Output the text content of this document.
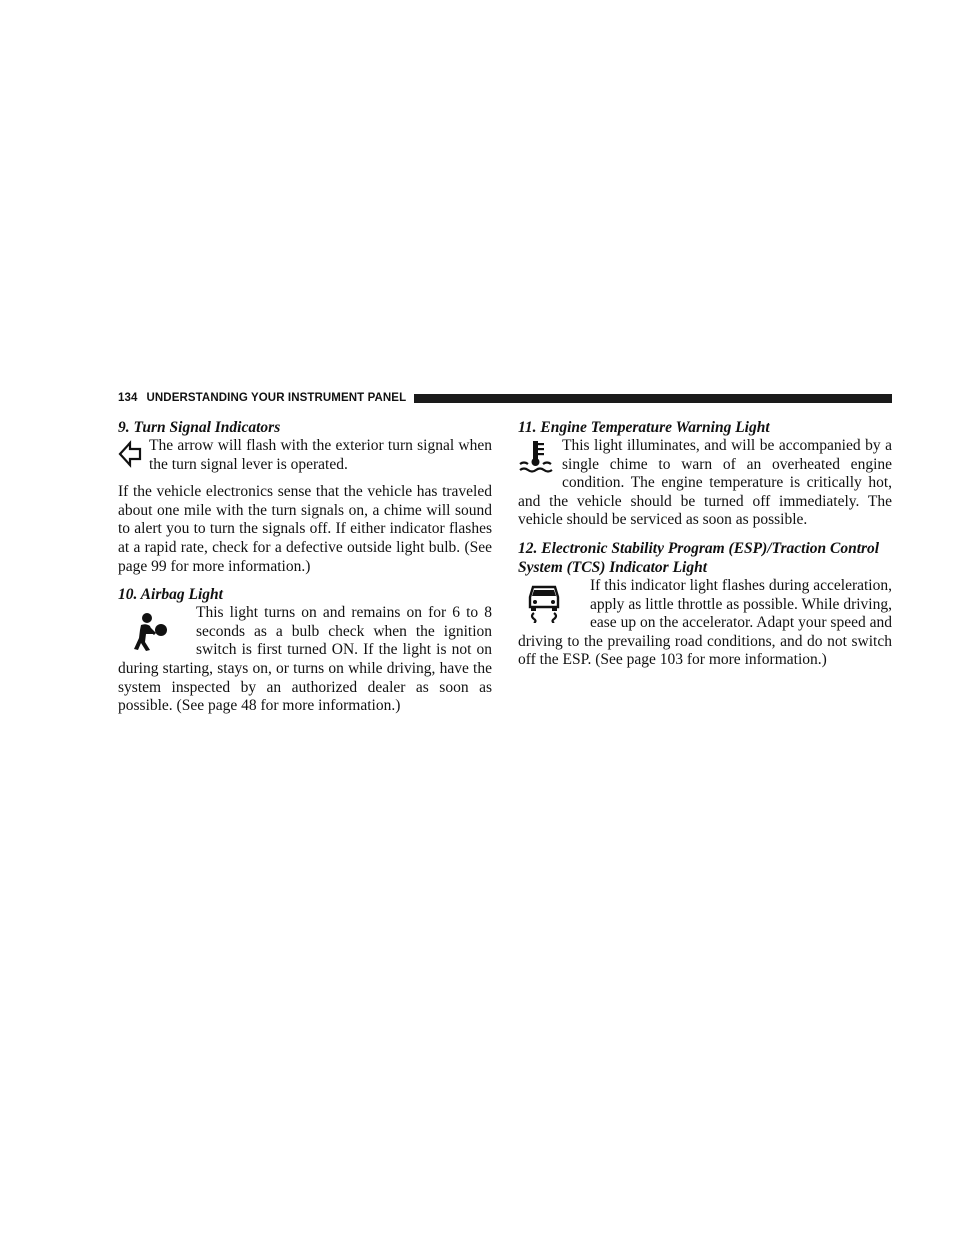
134 UNDERSTANDING YOUR INSTRUMENT PANEL
9. Turn Signal Indicators

The arrow will flash with the exterior turn signal when the turn signal lever is operated.

If the vehicle electronics sense that the vehicle has traveled about one mile with the turn signals on, a chime will sound to alert you to turn the signals off. If either indicator flashes at a rapid rate, check for a defective outside light bulb. (See page 99 for more information.)

10. Airbag Light

This light turns on and remains on for 6 to 8 seconds as a bulb check when the ignition switch is first turned ON. If the light is not on during starting, stays on, or turns on while driving, have the system inspected by an authorized dealer as soon as possible. (See page 48 for more information.)

11. Engine Temperature Warning Light

This light illuminates, and will be accompanied by a single chime to warn of an overheated engine condition. The engine temperature is critically hot, and the vehicle should be turned off immediately. The vehicle should be serviced as soon as possible.

12. Electronic Stability Program (ESP)/Traction Control System (TCS) Indicator Light

If this indicator light flashes during acceleration, apply as little throttle as possible. While driving, ease up on the accelerator. Adapt your speed and driving to the prevailing road conditions, and do not switch off the ESP. (See page 103 for more information.)
